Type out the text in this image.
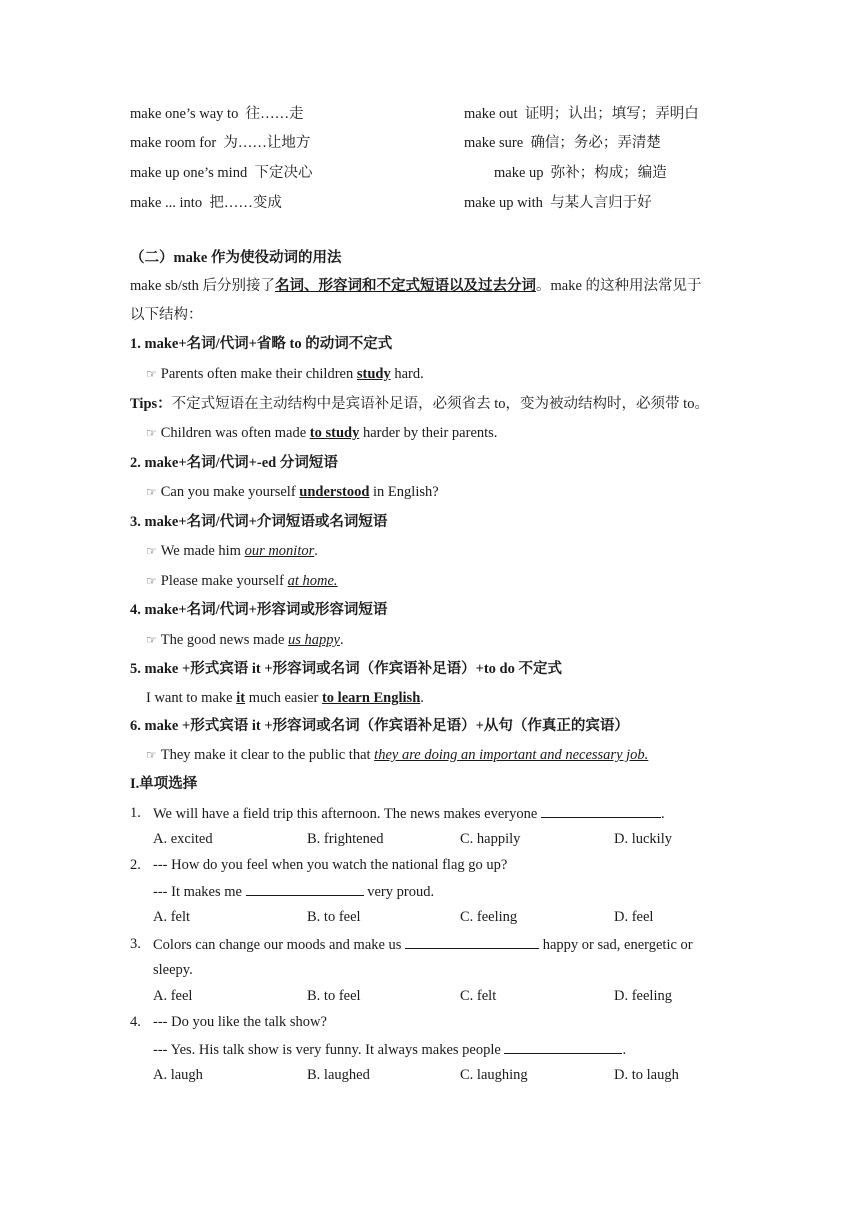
make one’s way to 往……走	make out 证明；认出；填写；弄明白
make room for 为……让地方	make sure 确信；务必；弄清楚
make up one’s mind 下定决心	make up 弥补；构成；编造
make ... into 把……变成	make up with 与某人言归于好
（二）make 作为使役动词的用法
make sb/sth 后分别接了名词、形容词和不定式短语以及过去分词。make 的这种用法常见于
以下结构：
1. make+名词/代词+省略 to 的动词不定式
☞ Parents often make their children study hard.
Tips：不定式短语在主动结构中是宾语补足语，必须省去 to，变为被动结构时，必须带 to。
☞ Children was often made to study harder by their parents.
2. make+名词/代词+-ed 分词短语
☞ Can you make yourself understood in English?
3. make+名词/代词+介词短语或名词短语
☞ We made him our monitor.
☞ Please make yourself at home.
4. make+名词/代词+形容词或形容词短语
☞ The good news made us happy.
5. make +形式宾语 it +形容词或名词（作宾语补足语）+to do 不定式
I want to make it much easier to learn English.
6. make +形式宾语 it +形容词或名词（作宾语补足语）+从句（作真正的宾语）
☞ They make it clear to the public that they are doing an important and necessary job.
I.单项选择
1. We will have a field trip this afternoon. The news makes everyone	.
A. excited	B. frightened	C. happily	D. luckily
2. --- How do you feel when you watch the national flag go up?
--- It makes me	very proud.
A. felt	B. to feel	C. feeling	D. feel
3. Colors can change our moods and make us	happy or sad, energetic or
sleepy.
A. feel	B. to feel	C. felt	D. feeling
4. --- Do you like the talk show?
--- Yes. His talk show is very funny. It always makes people	.
A. laugh	B. laughed	C. laughing	D. to laugh
